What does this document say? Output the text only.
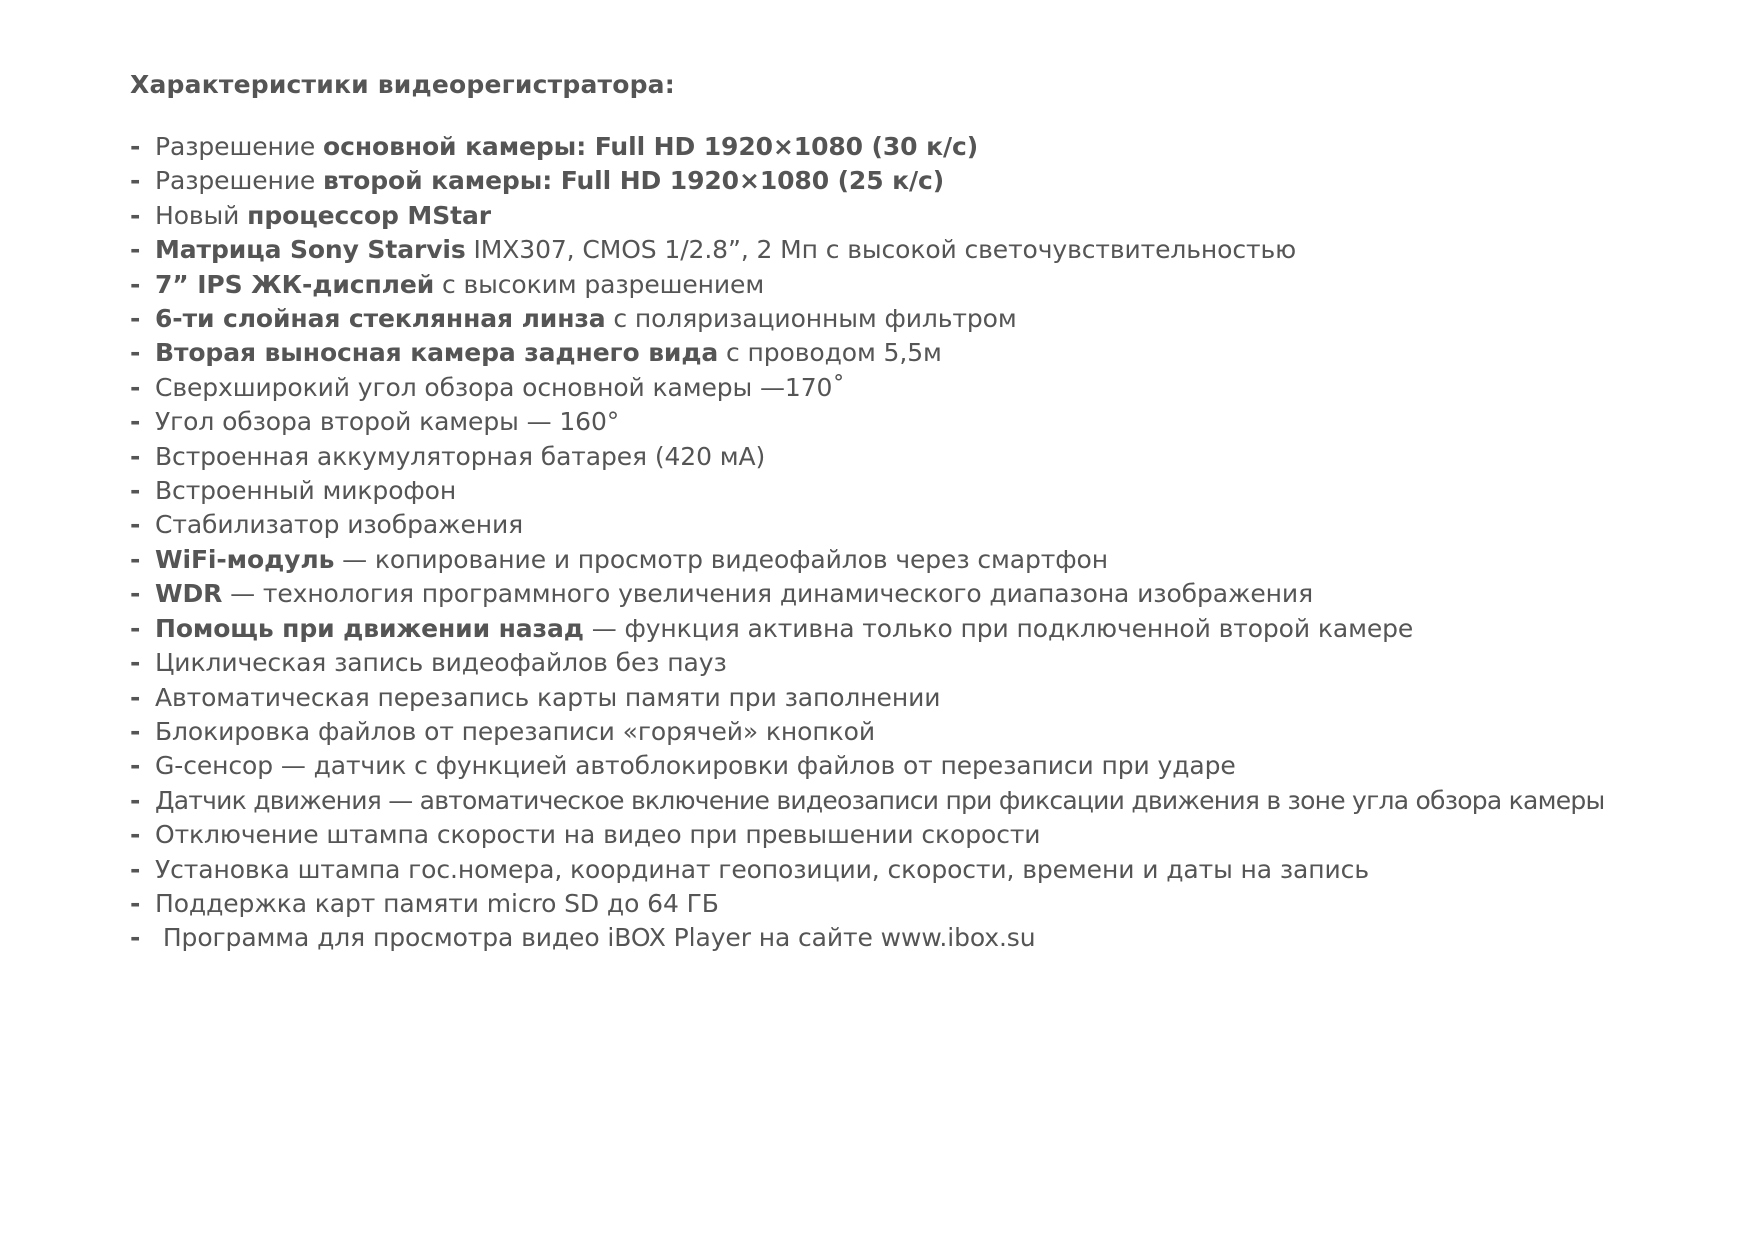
Характеристики видеорегистратора:
- Разрешение основной камеры: Full HD 1920×1080 (30 к/с)
- Разрешение второй камеры: Full HD 1920×1080 (25 к/с)
- Новый процессор MStar
- Матрица Sony Starvis IMX307, CMOS 1/2.8”, 2 Мп с высокой светочувствительностью
- 7” IPS ЖК-дисплей с высоким разрешением
- 6-ти слойная стеклянная линза с поляризационным фильтром
- Вторая выносная камера заднего вида с проводом 5,5м
- Сверхширокий угол обзора основной камеры —170˚
- Угол обзора второй камеры — 160°
- Встроенная аккумуляторная батарея (420 мА)
- Встроенный микрофон
- Стабилизатор изображения
- WiFi-модуль — копирование и просмотр видеофайлов через смартфон
- WDR — технология программного увеличения динамического диапазона изображения
- Помощь при движении назад — функция активна только при подключенной второй камере
- Циклическая запись видеофайлов без пауз
- Автоматическая перезапись карты памяти при заполнении
- Блокировка файлов от перезаписи «горячей» кнопкой
- G-сенсор — датчик с функцией автоблокировки файлов от перезаписи при ударе
- Датчик движения — автоматическое включение видеозаписи при фиксации движения в зоне угла обзора камеры
- Отключение штампа скорости на видео при превышении скорости
- Установка штампа гос.номера, координат геопозиции, скорости, времени и даты на запись
- Поддержка карт памяти micro SD до 64 ГБ
- Программа для просмотра видео iBOX Player на сайте www.ibox.su
